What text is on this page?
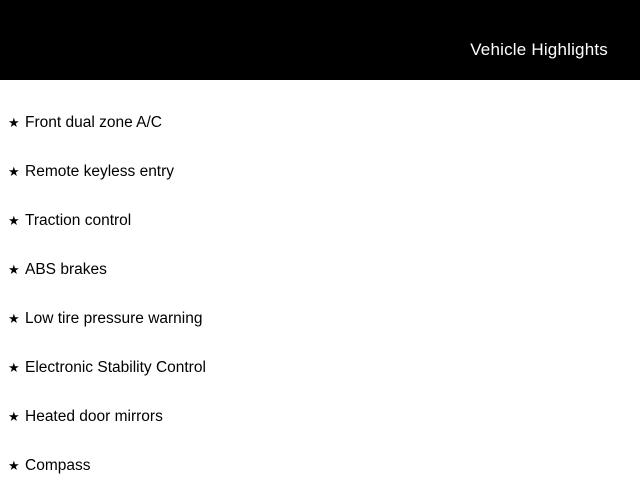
Vehicle Highlights
★ Front dual zone A/C
★ Remote keyless entry
★ Traction control
★ ABS brakes
★ Low tire pressure warning
★ Electronic Stability Control
★ Heated door mirrors
★ Compass
